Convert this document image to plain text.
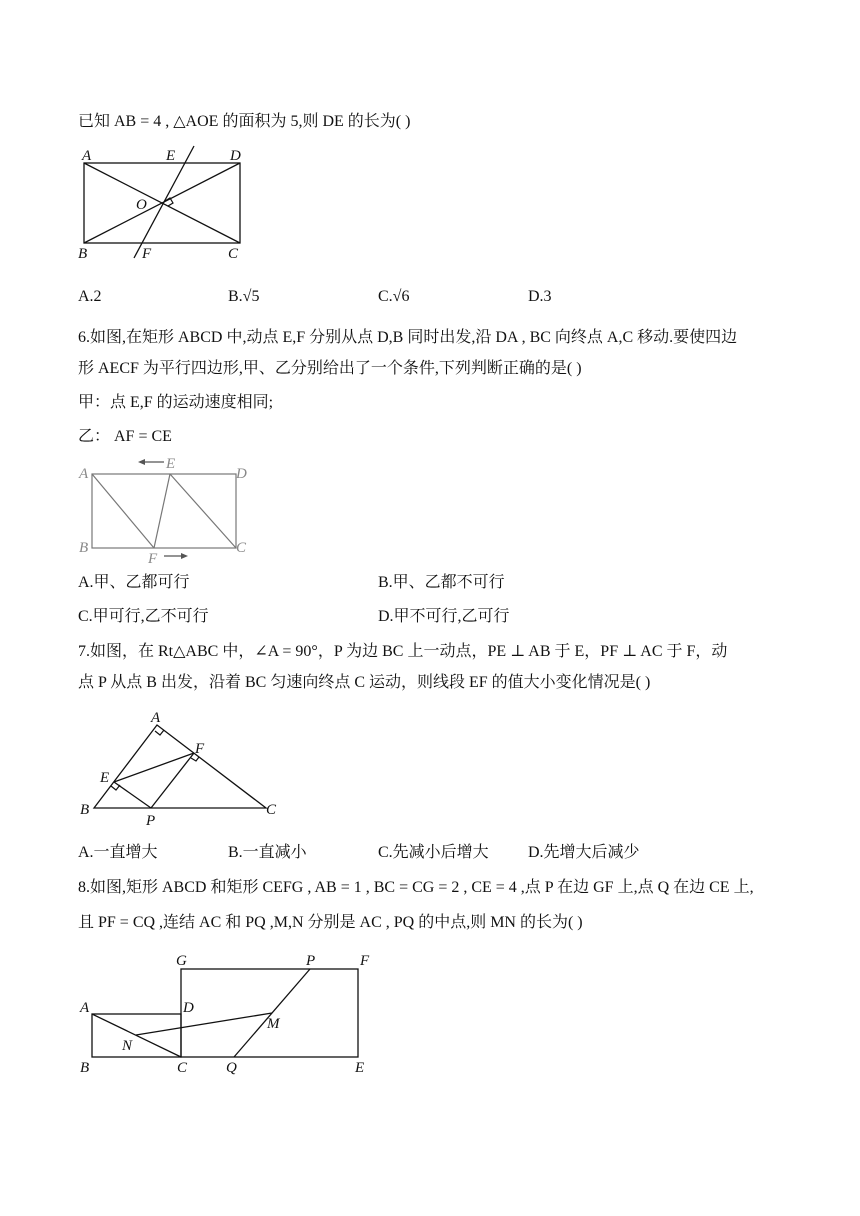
已知 AB = 4 , △AOE 的面积为 5,则 DE 的长为( )
A	E	D
O
B	F	C
A.2	B.√5	C.√6	D.3
6.如图,在矩形 ABCD 中,动点 E,F 分别从点 D,B 同时出发,沿 DA , BC 向终点 A,C 移动.要使四边
形 AECF 为平行四边形,甲、乙分别给出了一个条件,下列判断正确的是( )
甲：点 E,F 的运动速度相同;
乙： AF = CE
A
E
D
B
F
C
A.甲、乙都可行	B.甲、乙都不可行
C.甲可行,乙不可行	D.甲不可行,乙可行
7.如图，在 Rt△ABC 中，∠A = 90°，P 为边 BC 上一动点，PE ⊥ AB 于 E，PF ⊥ AC 于 F，动
点 P 从点 B 出发，沿着 BC 匀速向终点 C 运动，则线段 EF 的值大小变化情况是( )
A
F
E
B
P
C
A.一直增大	B.一直减小	C.先减小后增大 D.先增大后减少
8.如图,矩形 ABCD 和矩形 CEFG , AB = 1 , BC = CG = 2 , CE = 4 ,点 P 在边 GF 上,点 Q 在边 CE 上,
且 PF = CQ ,连结 AC 和 PQ ,M,N 分别是 AC , PQ 的中点,则 MN 的长为( )
G	P	F
A	D
M
N
B	C	Q	E
